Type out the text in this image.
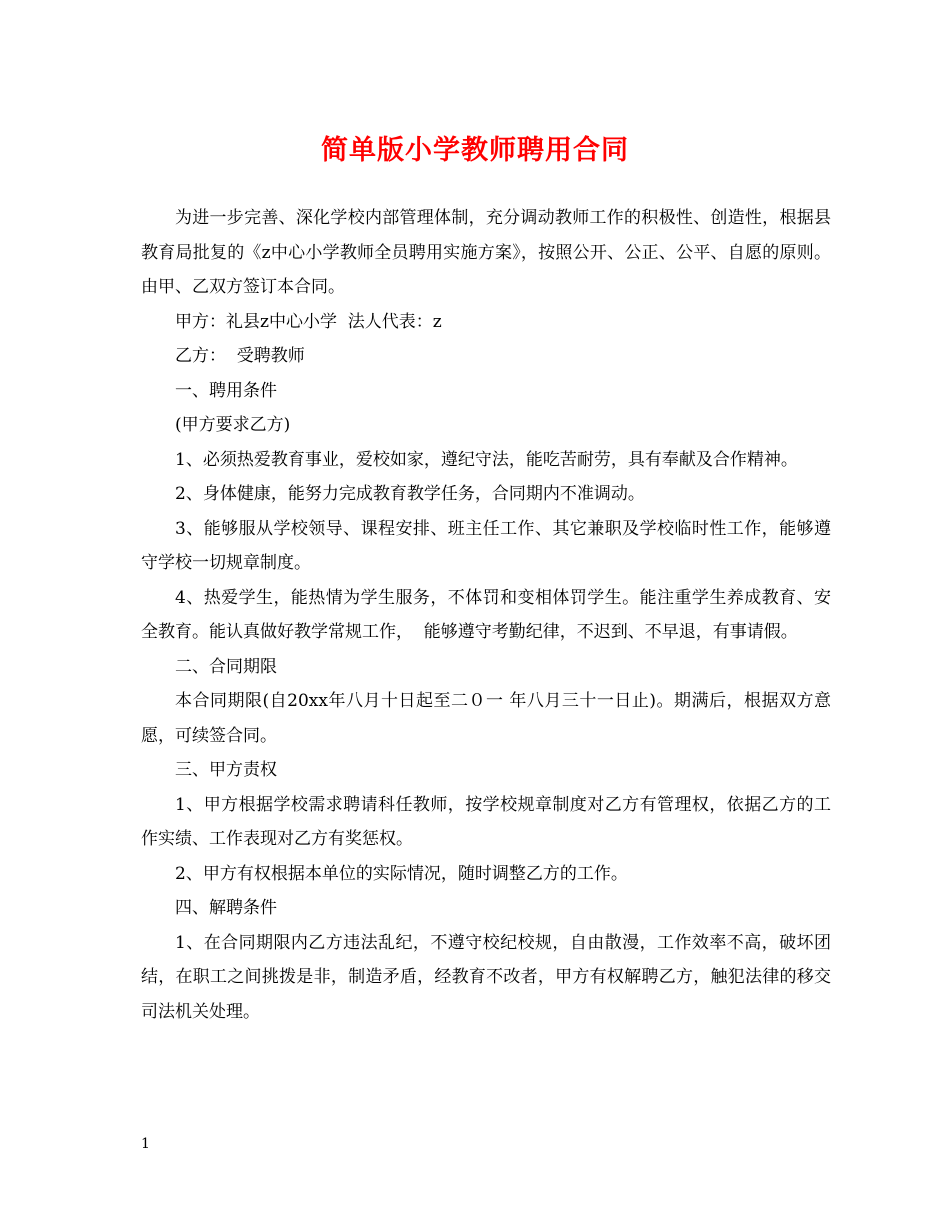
简单版小学教师聘用合同

为进一步完善、深化学校内部管理体制，充分调动教师工作的积极性、创造性，根据县教育局批复的《z中心小学教师全员聘用实施方案》，按照公开、公正、公平、自愿的原则。由甲、乙双方签订本合同。

甲方：礼县z中心小学  法人代表：z

乙方：  受聘教师

一、聘用条件

(甲方要求乙方)

1、必须热爱教育事业，爱校如家，遵纪守法，能吃苦耐劳，具有奉献及合作精神。

2、身体健康，能努力完成教育教学任务，合同期内不准调动。

3、能够服从学校领导、课程安排、班主任工作、其它兼职及学校临时性工作，能够遵守学校一切规章制度。

4、热爱学生，能热情为学生服务，不体罚和变相体罚学生。能注重学生养成教育、安全教育。能认真做好教学常规工作，  能够遵守考勤纪律，不迟到、不早退，有事请假。

二、合同期限

本合同期限(自20xx年八月十日起至二０一 年八月三十一日止)。期满后，根据双方意愿，可续签合同。

三、甲方责权

1、甲方根据学校需求聘请科任教师，按学校规章制度对乙方有管理权，依据乙方的工作实绩、工作表现对乙方有奖惩权。

2、甲方有权根据本单位的实际情况，随时调整乙方的工作。

四、解聘条件

1、在合同期限内乙方违法乱纪，不遵守校纪校规，自由散漫，工作效率不高，破坏团结，在职工之间挑拨是非，制造矛盾，经教育不改者，甲方有权解聘乙方，触犯法律的移交司法机关处理。

1
